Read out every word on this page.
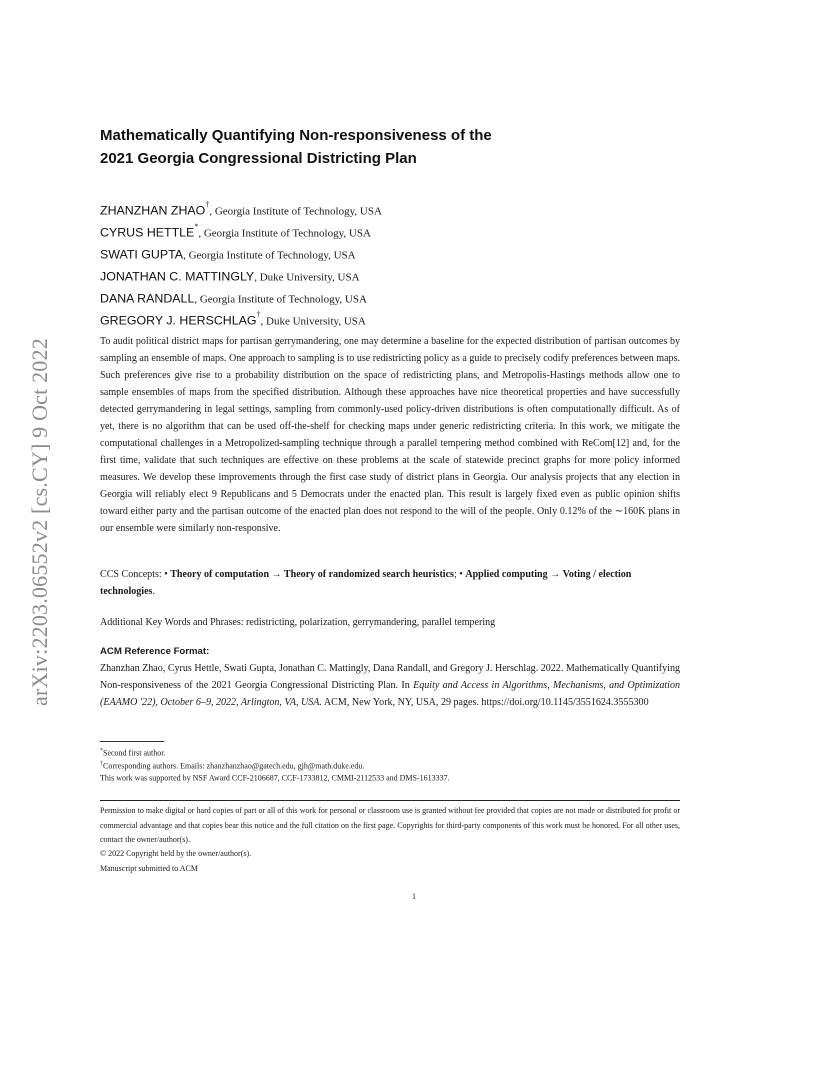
arXiv:2203.06552v2 [cs.CY] 9 Oct 2022
Mathematically Quantifying Non-responsiveness of the
2021 Georgia Congressional Districting Plan
ZHANZHAN ZHAO†, Georgia Institute of Technology, USA
CYRUS HETTLE*, Georgia Institute of Technology, USA
SWATI GUPTA, Georgia Institute of Technology, USA
JONATHAN C. MATTINGLY, Duke University, USA
DANA RANDALL, Georgia Institute of Technology, USA
GREGORY J. HERSCHLAG†, Duke University, USA

To audit political district maps for partisan gerrymandering, one may determine a baseline for the expected distribution of partisan outcomes by sampling an ensemble of maps. One approach to sampling is to use redistricting policy as a guide to precisely codify preferences between maps. Such preferences give rise to a probability distribution on the space of redistricting plans, and Metropolis-Hastings methods allow one to sample ensembles of maps from the specified distribution. Although these approaches have nice theoretical properties and have successfully detected gerrymandering in legal settings, sampling from commonly-used policy-driven distributions is often computationally difficult. As of yet, there is no algorithm that can be used off-the-shelf for checking maps under generic redistricting criteria. In this work, we mitigate the computational challenges in a Metropolized-sampling technique through a parallel tempering method combined with ReCom[12] and, for the first time, validate that such techniques are effective on these problems at the scale of statewide precinct graphs for more policy informed measures. We develop these improvements through the first case study of district plans in Georgia. Our analysis projects that any election in Georgia will reliably elect 9 Republicans and 5 Democrats under the enacted plan. This result is largely fixed even as public opinion shifts toward either party and the partisan outcome of the enacted plan does not respond to the will of the people. Only 0.12% of the ∼160K plans in our ensemble were similarly non-responsive.

CCS Concepts: • Theory of computation → Theory of randomized search heuristics; • Applied computing → Voting / election technologies.

Additional Key Words and Phrases: redistricting, polarization, gerrymandering, parallel tempering

ACM Reference Format:

Zhanzhan Zhao, Cyrus Hettle, Swati Gupta, Jonathan C. Mattingly, Dana Randall, and Gregory J. Herschlag. 2022. Mathematically Quantifying Non-responsiveness of the 2021 Georgia Congressional Districting Plan. In Equity and Access in Algorithms, Mechanisms, and Optimization (EAAMO '22), October 6–9, 2022, Arlington, VA, USA. ACM, New York, NY, USA, 29 pages. https://doi.org/10.1145/3551624.3555300

*Second first author.
†Corresponding authors. Emails: zhanzhanzhao@gatech.edu, gjh@math.duke.edu.
This work was supported by NSF Award CCF-2106687, CCF-1733812, CMMI-2112533 and DMS-1613337.

Permission to make digital or hard copies of part or all of this work for personal or classroom use is granted without fee provided that copies are not made or distributed for profit or commercial advantage and that copies bear this notice and the full citation on the first page. Copyrights for third-party components of this work must be honored. For all other uses, contact the owner/author(s).

© 2022 Copyright held by the owner/author(s).
Manuscript submitted to ACM
1
